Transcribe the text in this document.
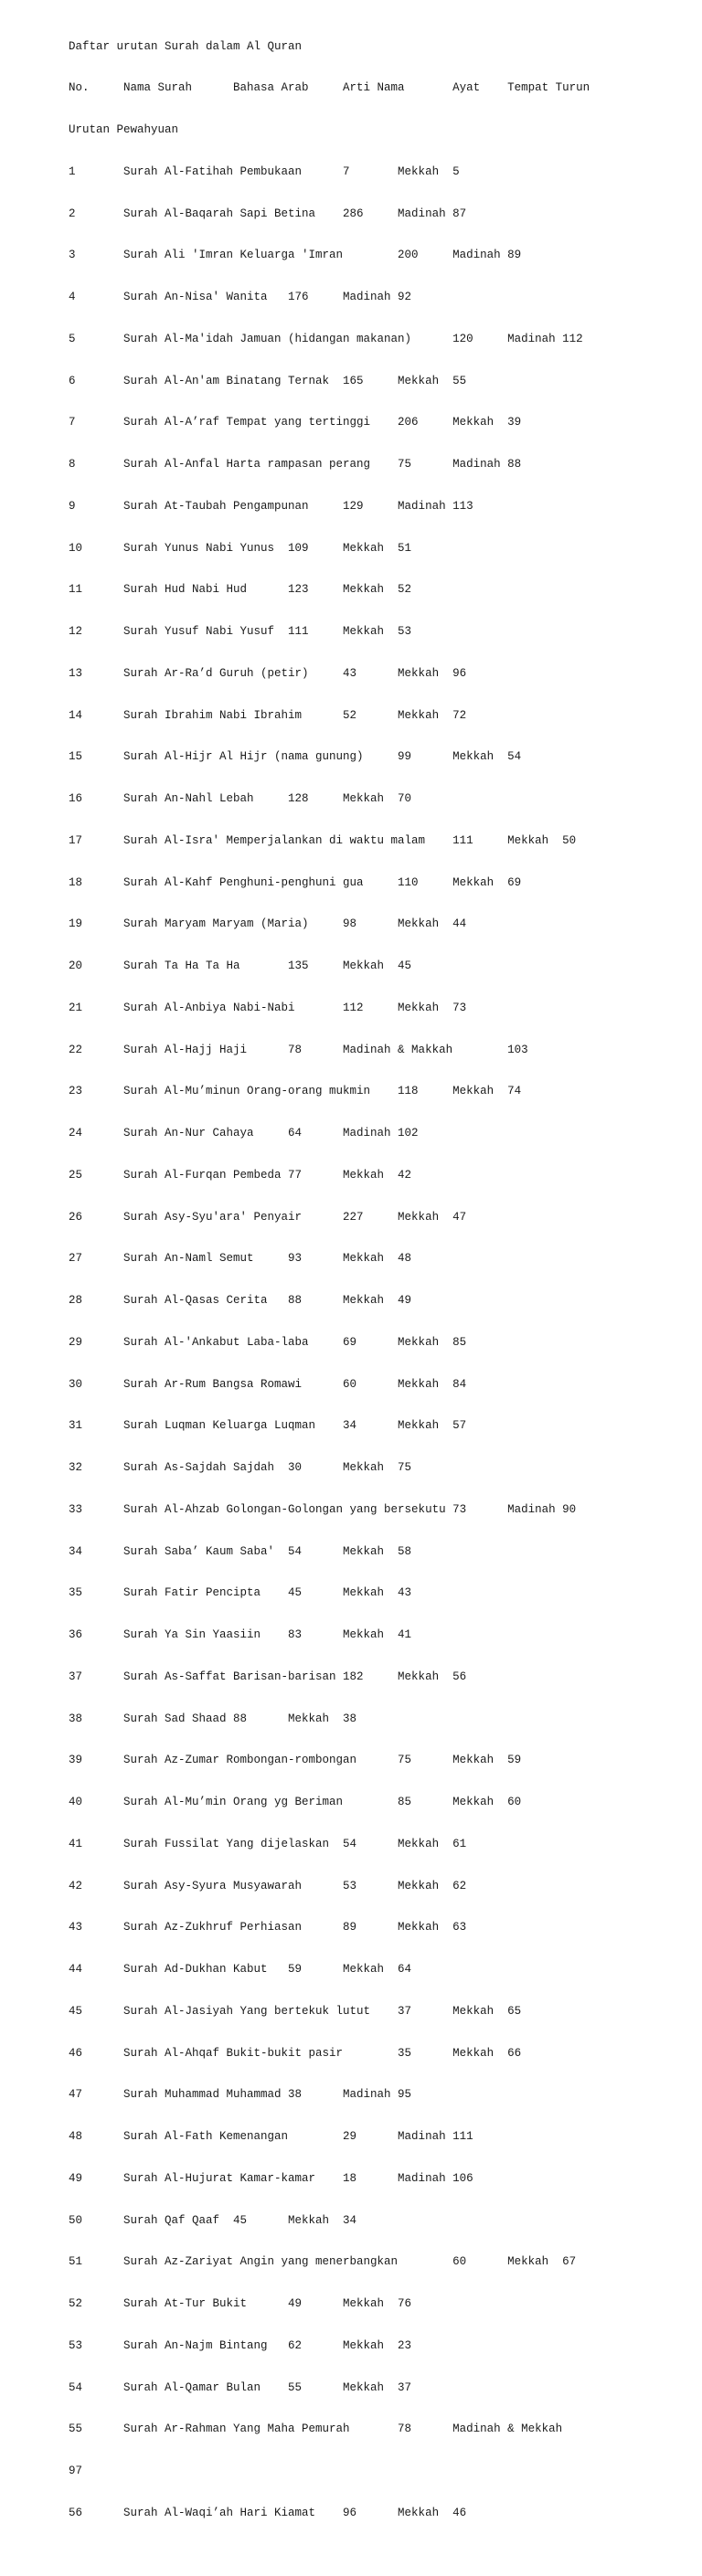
Daftar urutan Surah dalam Al Quran

No.     Nama Surah      Bahasa Arab     Arti Nama       Ayat    Tempat Turun

Urutan Pewahyuan

1       Surah Al-Fatihah Pembukaan      7       Mekkah  5

2       Surah Al-Baqarah Sapi Betina    286     Madinah 87

3       Surah Ali 'Imran Keluarga 'Imran        200     Madinah 89

4       Surah An-Nisa' Wanita   176     Madinah 92

5       Surah Al-Ma'idah Jamuan (hidangan makanan)      120     Madinah 112

6       Surah Al-An'am Binatang Ternak  165     Mekkah  55

7       Surah Al-A’raf Tempat yang tertinggi    206     Mekkah  39

8       Surah Al-Anfal Harta rampasan perang    75      Madinah 88

9       Surah At-Taubah Pengampunan     129     Madinah 113

10      Surah Yunus Nabi Yunus  109     Mekkah  51

11      Surah Hud Nabi Hud      123     Mekkah  52

12      Surah Yusuf Nabi Yusuf  111     Mekkah  53

13      Surah Ar-Ra’d Guruh (petir)     43      Mekkah  96

14      Surah Ibrahim Nabi Ibrahim      52      Mekkah  72

15      Surah Al-Hijr Al Hijr (nama gunung)     99      Mekkah  54

16      Surah An-Nahl Lebah     128     Mekkah  70

17      Surah Al-Isra' Memperjalankan di waktu malam    111     Mekkah  50

18      Surah Al-Kahf Penghuni-penghuni gua     110     Mekkah  69

19      Surah Maryam Maryam (Maria)     98      Mekkah  44

20      Surah Ta Ha Ta Ha       135     Mekkah  45

21      Surah Al-Anbiya Nabi-Nabi       112     Mekkah  73

22      Surah Al-Hajj Haji      78      Madinah & Makkah        103

23      Surah Al-Mu’minun Orang-orang mukmin    118     Mekkah  74

24      Surah An-Nur Cahaya     64      Madinah 102

25      Surah Al-Furqan Pembeda 77      Mekkah  42

26      Surah Asy-Syu'ara' Penyair      227     Mekkah  47

27      Surah An-Naml Semut     93      Mekkah  48

28      Surah Al-Qasas Cerita   88      Mekkah  49

29      Surah Al-'Ankabut Laba-laba     69      Mekkah  85

30      Surah Ar-Rum Bangsa Romawi      60      Mekkah  84

31      Surah Luqman Keluarga Luqman    34      Mekkah  57

32      Surah As-Sajdah Sajdah  30      Mekkah  75

33      Surah Al-Ahzab Golongan-Golongan yang bersekutu 73      Madinah 90

34      Surah Saba’ Kaum Saba'  54      Mekkah  58

35      Surah Fatir Pencipta    45      Mekkah  43

36      Surah Ya Sin Yaasiin    83      Mekkah  41

37      Surah As-Saffat Barisan-barisan 182     Mekkah  56

38      Surah Sad Shaad 88      Mekkah  38

39      Surah Az-Zumar Rombongan-rombongan      75      Mekkah  59

40      Surah Al-Mu’min Orang yg Beriman        85      Mekkah  60

41      Surah Fussilat Yang dijelaskan  54      Mekkah  61

42      Surah Asy-Syura Musyawarah      53      Mekkah  62

43      Surah Az-Zukhruf Perhiasan      89      Mekkah  63

44      Surah Ad-Dukhan Kabut   59      Mekkah  64

45      Surah Al-Jasiyah Yang bertekuk lutut    37      Mekkah  65

46      Surah Al-Ahqaf Bukit-bukit pasir        35      Mekkah  66

47      Surah Muhammad Muhammad 38      Madinah 95

48      Surah Al-Fath Kemenangan        29      Madinah 111

49      Surah Al-Hujurat Kamar-kamar    18      Madinah 106

50      Surah Qaf Qaaf  45      Mekkah  34

51      Surah Az-Zariyat Angin yang menerbangkan        60      Mekkah  67

52      Surah At-Tur Bukit      49      Mekkah  76

53      Surah An-Najm Bintang   62      Mekkah  23

54      Surah Al-Qamar Bulan    55      Mekkah  37

55      Surah Ar-Rahman Yang Maha Pemurah       78      Madinah & Mekkah

97

56      Surah Al-Waqi’ah Hari Kiamat    96      Mekkah  46
